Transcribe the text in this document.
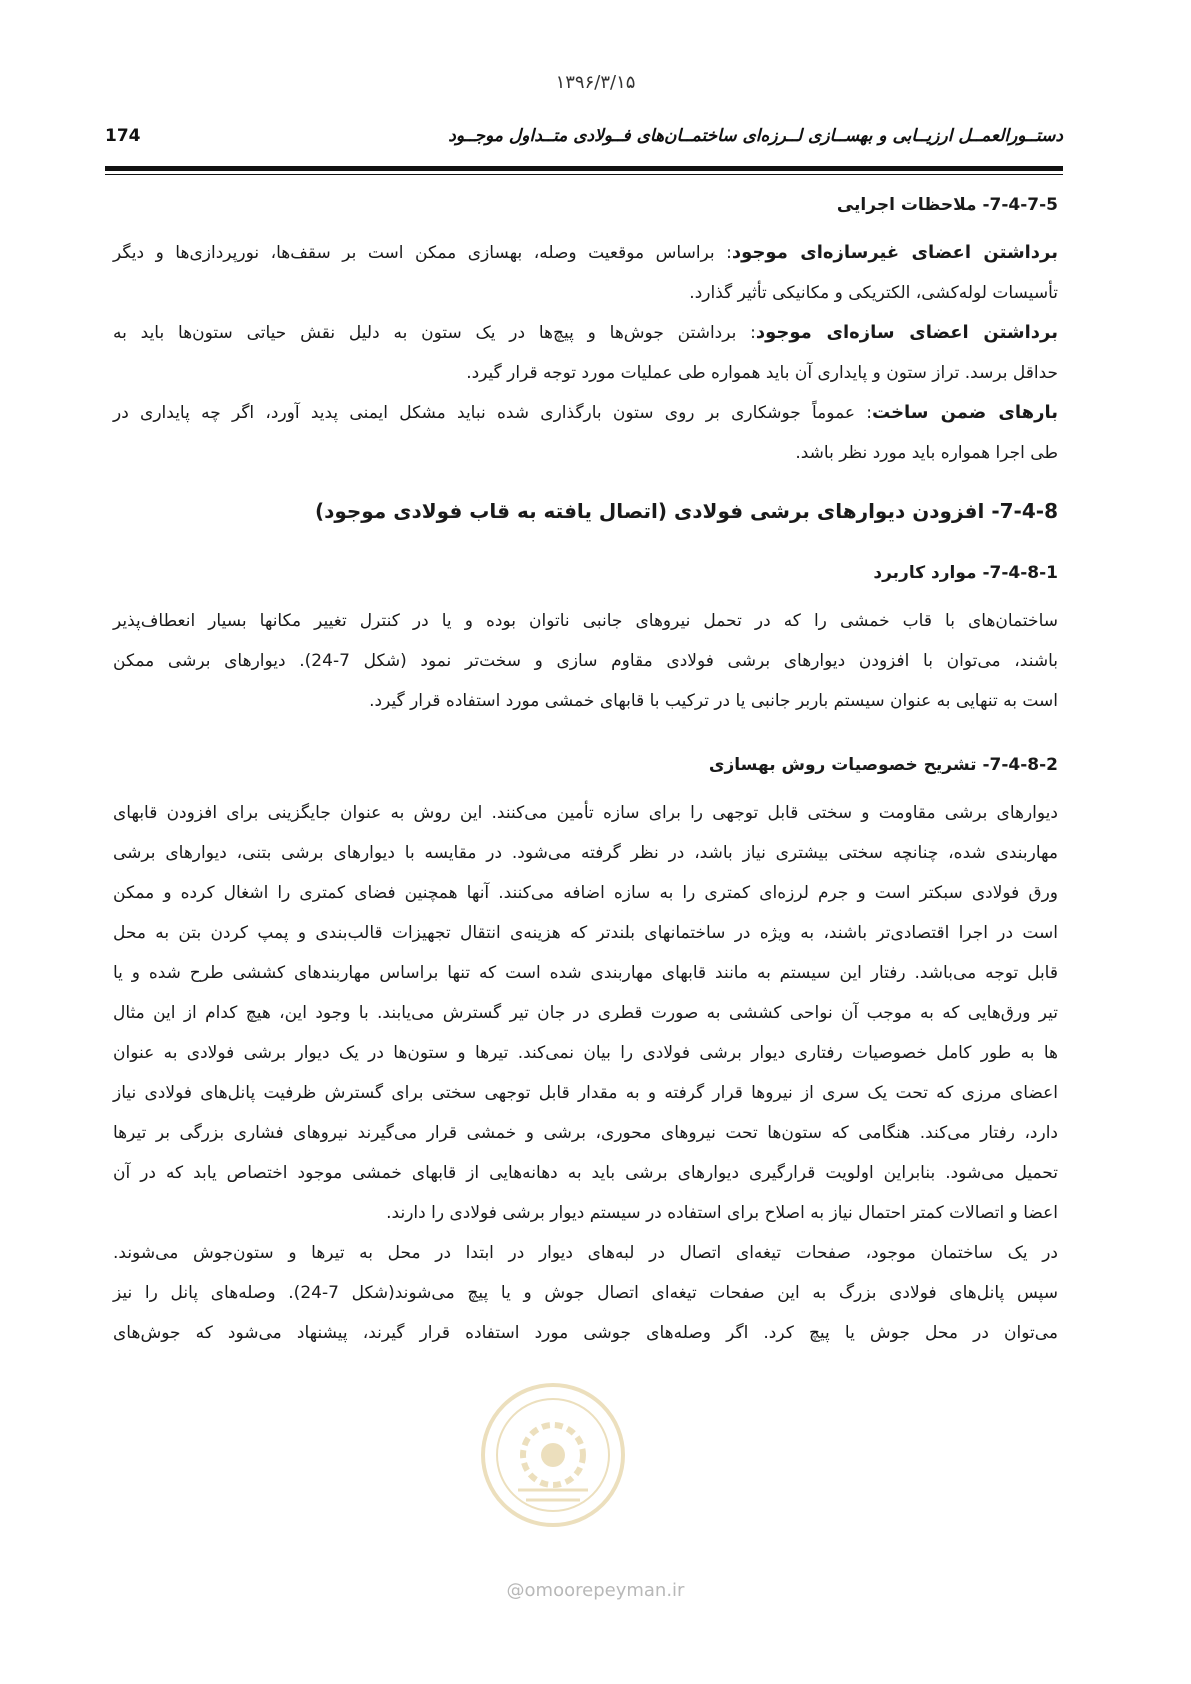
۱۳۹۶/۳/۱۵
دستــورالعمــل ارزیــابی و بهســازی لــرزه‌ای ساختمــان‌های فــولادی متــداول موجــود
174
7-4-7-5- ملاحظات اجرایی

برداشتن اعضای غیرسازه‌ای موجود: براساس موقعیت وصله، بهسازی ممکن است بر سقف‌ها، نورپردازی‌ها و دیگر
تأسیسات لوله‌کشی، الکتریکی و مکانیکی تأثیر گذارد.

برداشتن اعضای سازه‌ای موجود: برداشتن جوش‌ها و پیچ‌ها در یک ستون به دلیل نقش حیاتی ستون‌ها باید به
حداقل برسد. تراز ستون و پایداری آن باید همواره طی عملیات مورد توجه قرار گیرد.

بارهای ضمن ساخت: عموماً جوشکاری بر روی ستون بارگذاری شده نباید مشکل ایمنی پدید آورد، اگر چه پایداری در
طی اجرا همواره باید مورد نظر باشد.

7-4-8- افزودن دیوارهای برشی فولادی (اتصال یافته به قاب فولادی موجود)
7-4-8-1- موارد کاربرد

ساختمان‌های با قاب خمشی را که در تحمل نیروهای جانبی ناتوان بوده و یا در کنترل تغییر مکانها بسیار انعطاف‌پذیر
باشند، می‌توان با افزودن دیوارهای برشی فولادی مقاوم سازی و سخت‌تر نمود (شکل 7-24). دیوارهای برشی ممکن
است به تنهایی به عنوان سیستم باربر جانبی یا در ترکیب با قابهای خمشی مورد استفاده قرار گیرد.

7-4-8-2- تشریح خصوصیات روش بهسازی

دیوارهای برشی مقاومت و سختی قابل توجهی را برای سازه تأمین می‌کنند. این روش به عنوان جایگزینی برای افزودن قابهای
مهاربندی شده، چنانچه سختی بیشتری نیاز باشد، در نظر گرفته می‌شود. در مقایسه با دیوارهای برشی بتنی، دیوارهای برشی
ورق فولادی سبکتر است و جرم لرزه‌ای کمتری را به سازه اضافه می‌کنند. آنها همچنین فضای کمتری را اشغال کرده و ممکن
است در اجرا اقتصادی‌تر باشند، به ویژه در ساختمانهای بلندتر که هزینه‌ی انتقال تجهیزات قالب‌بندی و پمپ کردن بتن به محل
قابل توجه می‌باشد. رفتار این سیستم به مانند قابهای مهاربندی شده است که تنها براساس مهاربندهای کششی طرح شده و یا
تیر ورق‌هایی که به موجب آن نواحی کششی به صورت قطری در جان تیر گسترش می‌یابند. با وجود این، هیچ کدام از این مثال
ها به طور کامل خصوصیات رفتاری دیوار برشی فولادی را بیان نمی‌کند. تیرها و ستون‌ها در یک دیوار برشی فولادی به عنوان
اعضای مرزی که تحت یک سری از نیروها قرار گرفته و به مقدار قابل توجهی سختی برای گسترش ظرفیت پانل‌های فولادی نیاز
دارد، رفتار می‌کند. هنگامی که ستون‌ها تحت نیروهای محوری، برشی و خمشی قرار می‌گیرند نیروهای فشاری بزرگی بر تیرها
تحمیل می‌شود. بنابراین اولویت قرارگیری دیوارهای برشی باید به دهانه‌هایی از قابهای خمشی موجود اختصاص یابد که در آن
اعضا و اتصالات کمتر احتمال نیاز به اصلاح برای استفاده در سیستم دیوار برشی فولادی را دارند.

در یک ساختمان موجود، صفحات تیغه‌ای اتصال در لبه‌های دیوار در ابتدا در محل به تیرها و ستون‌جوش می‌شوند.
سپس پانل‌های فولادی بزرگ به این صفحات تیغه‌ای اتصال جوش و یا پیچ می‌شوند(شکل 7-24). وصله‌های پانل را نیز
می‌توان در محل جوش یا پیچ کرد. اگر وصله‌های جوشی مورد استفاده قرار گیرند، پیشنهاد می‌شود که جوش‌های

@omoorepeyman.ir
